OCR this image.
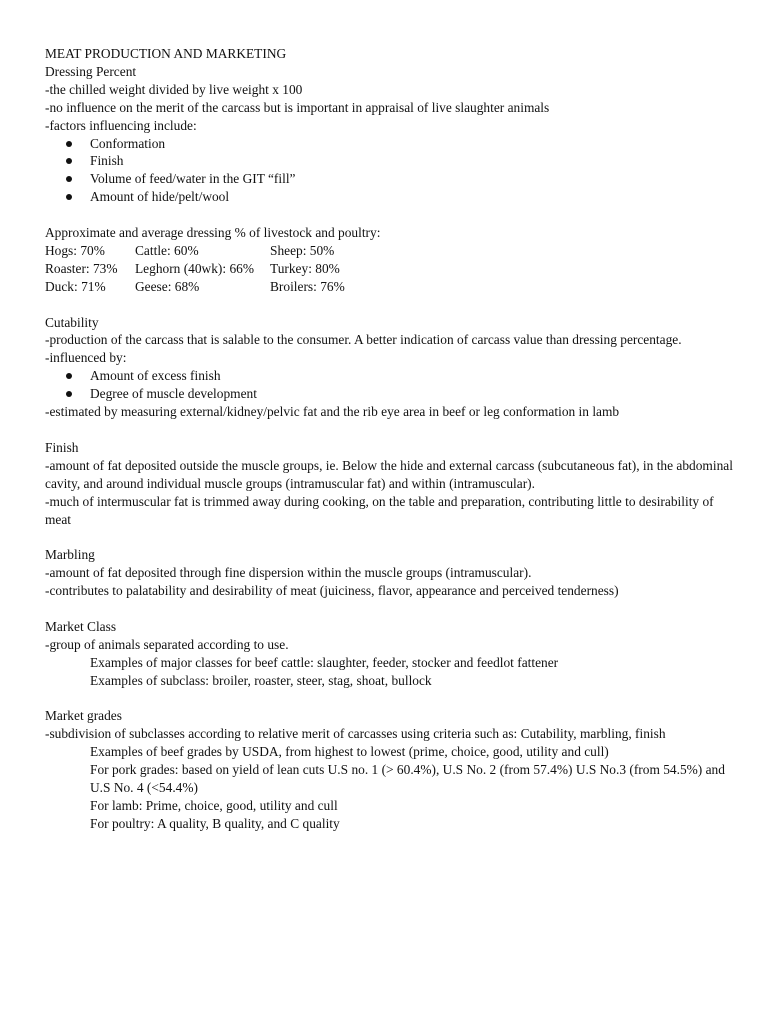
MEAT PRODUCTION AND MARKETING
Dressing Percent
-the chilled weight divided by live weight x 100
-no influence on the merit of the carcass but is important in appraisal of live slaughter animals
-factors influencing include:
Conformation
Finish
Volume of feed/water in the GIT “fill”
Amount of hide/pelt/wool
Approximate and average dressing % of livestock and poultry:
Hogs: 70%	Cattle: 60%	Sheep: 50%
Roaster: 73%	Leghorn (40wk): 66%	Turkey: 80%
Duck: 71%	Geese: 68%	Broilers: 76%
Cutability
-production of the carcass that is salable to the consumer. A better indication of carcass value than dressing percentage.
-influenced by:
Amount of excess finish
Degree of muscle development
-estimated by measuring external/kidney/pelvic fat and the rib eye area in beef or leg conformation in lamb
Finish
-amount of fat deposited outside the muscle groups, ie. Below the hide and external carcass (subcutaneous fat), in the abdominal cavity, and around individual muscle groups (intramuscular fat) and within (intramuscular).
-much of intermuscular fat is trimmed away during cooking, on the table and preparation, contributing little to desirability of meat
Marbling
-amount of fat deposited through fine dispersion within the muscle groups (intramuscular).
-contributes to palatability and desirability of meat (juiciness, flavor, appearance and perceived tenderness)
Market Class
-group of animals separated according to use.
Examples of major classes for beef cattle: slaughter, feeder, stocker and feedlot fattener
Examples of subclass: broiler, roaster, steer, stag, shoat, bullock
Market grades
-subdivision of subclasses according to relative merit of carcasses using criteria such as: Cutability, marbling, finish
Examples of beef grades by USDA, from highest to lowest (prime, choice, good, utility and cull)
For pork grades: based on yield of lean cuts U.S no. 1 (> 60.4%), U.S No. 2 (from 57.4%) U.S No.3 (from 54.5%) and U.S No. 4 (<54.4%)
For lamb: Prime, choice, good, utility and cull
For poultry: A quality, B quality, and C quality
